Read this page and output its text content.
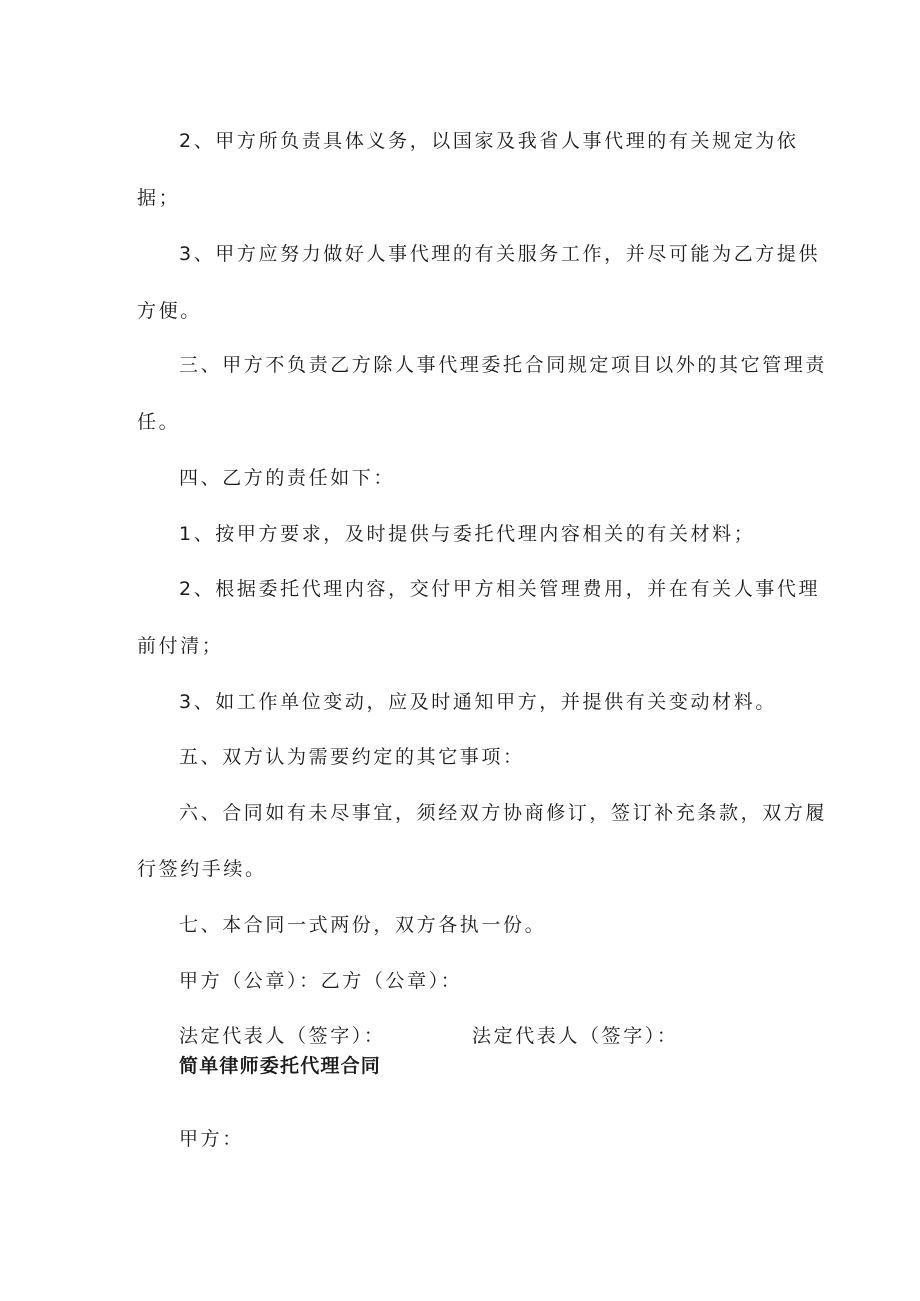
2、甲方所负责具体义务，以国家及我省人事代理的有关规定为依
据；
3、甲方应努力做好人事代理的有关服务工作，并尽可能为乙方提供
方便。
三、甲方不负责乙方除人事代理委托合同规定项目以外的其它管理责
任。
四、乙方的责任如下：
1、按甲方要求，及时提供与委托代理内容相关的有关材料；
2、根据委托代理内容，交付甲方相关管理费用，并在有关人事代理
前付清；
3、如工作单位变动，应及时通知甲方，并提供有关变动材料。
五、双方认为需要约定的其它事项：
六、合同如有未尽事宜，须经双方协商修订，签订补充条款，双方履
行签约手续。
七、本合同一式两份，双方各执一份。
甲方（公章）：乙方（公章）：
法定代表人（签字）：	法定代表人（签字）：
简单律师委托代理合同
甲方：
